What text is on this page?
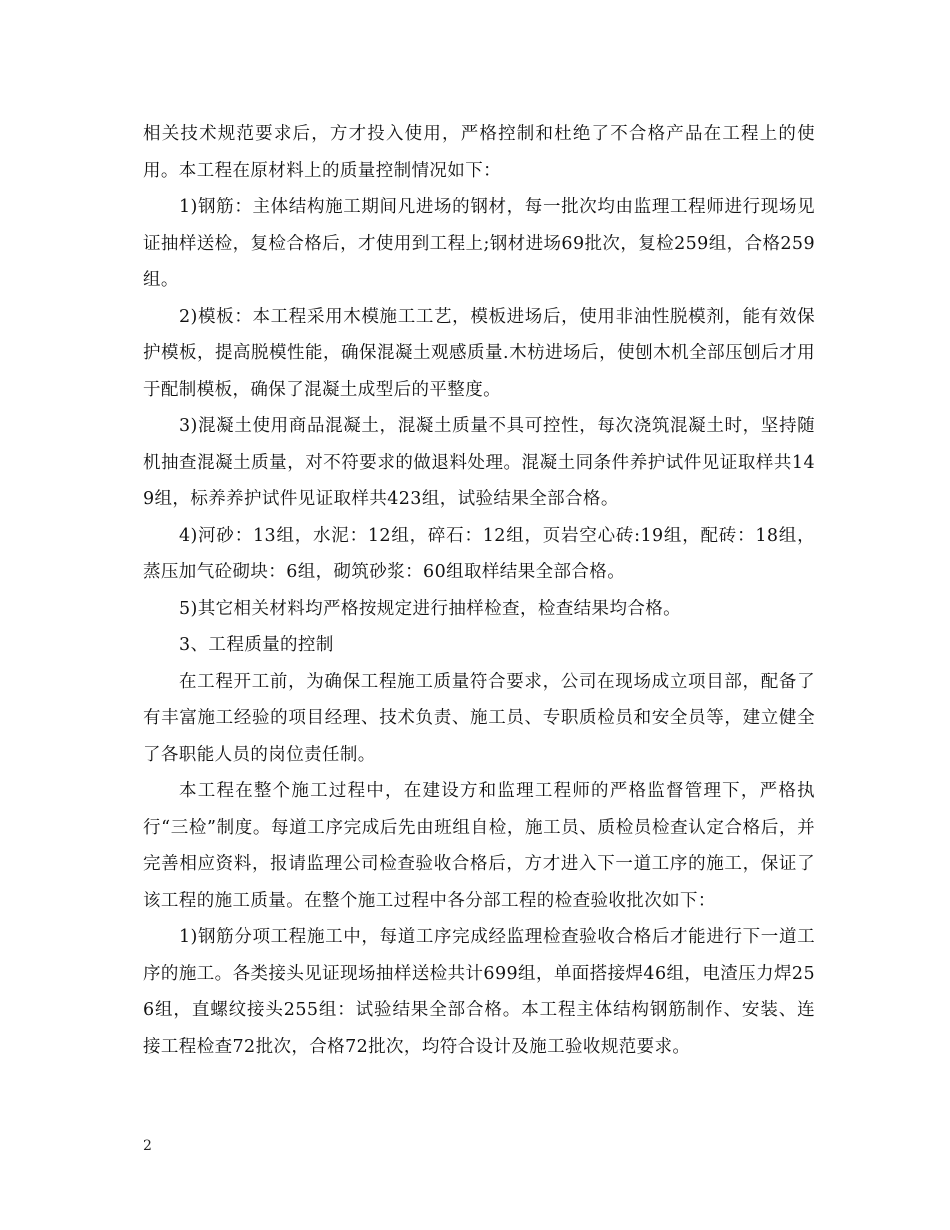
相关技术规范要求后，方才投入使用，严格控制和杜绝了不合格产品在工程上的使用。本工程在原材料上的质量控制情况如下：

1)钢筋：主体结构施工期间凡进场的钢材，每一批次均由监理工程师进行现场见证抽样送检，复检合格后，才使用到工程上;钢材进场69批次，复检259组，合格259组。

2)模板：本工程采用木模施工工艺，模板进场后，使用非油性脱模剂，能有效保护模板，提高脱模性能，确保混凝土观感质量.木枋进场后，使刨木机全部压刨后才用于配制模板，确保了混凝土成型后的平整度。

3)混凝土使用商品混凝土，混凝土质量不具可控性，每次浇筑混凝土时，坚持随机抽查混凝土质量，对不符要求的做退料处理。混凝土同条件养护试件见证取样共149组，标养养护试件见证取样共423组，试验结果全部合格。

4)河砂：13组，水泥：12组，碎石：12组，页岩空心砖:19组，配砖：18组，蒸压加气砼砌块：6组，砌筑砂浆：60组取样结果全部合格。

5)其它相关材料均严格按规定进行抽样检查，检查结果均合格。

3、工程质量的控制

在工程开工前，为确保工程施工质量符合要求，公司在现场成立项目部，配备了有丰富施工经验的项目经理、技术负责、施工员、专职质检员和安全员等，建立健全了各职能人员的岗位责任制。

本工程在整个施工过程中，在建设方和监理工程师的严格监督管理下，严格执行“三检”制度。每道工序完成后先由班组自检，施工员、质检员检查认定合格后，并完善相应资料，报请监理公司检查验收合格后，方才进入下一道工序的施工，保证了该工程的施工质量。在整个施工过程中各分部工程的检查验收批次如下：

1)钢筋分项工程施工中，每道工序完成经监理检查验收合格后才能进行下一道工序的施工。各类接头见证现场抽样送检共计699组，单面搭接焊46组，电渣压力焊256组，直螺纹接头255组：试验结果全部合格。本工程主体结构钢筋制作、安装、连接工程检查72批次，合格72批次，均符合设计及施工验收规范要求。

2
